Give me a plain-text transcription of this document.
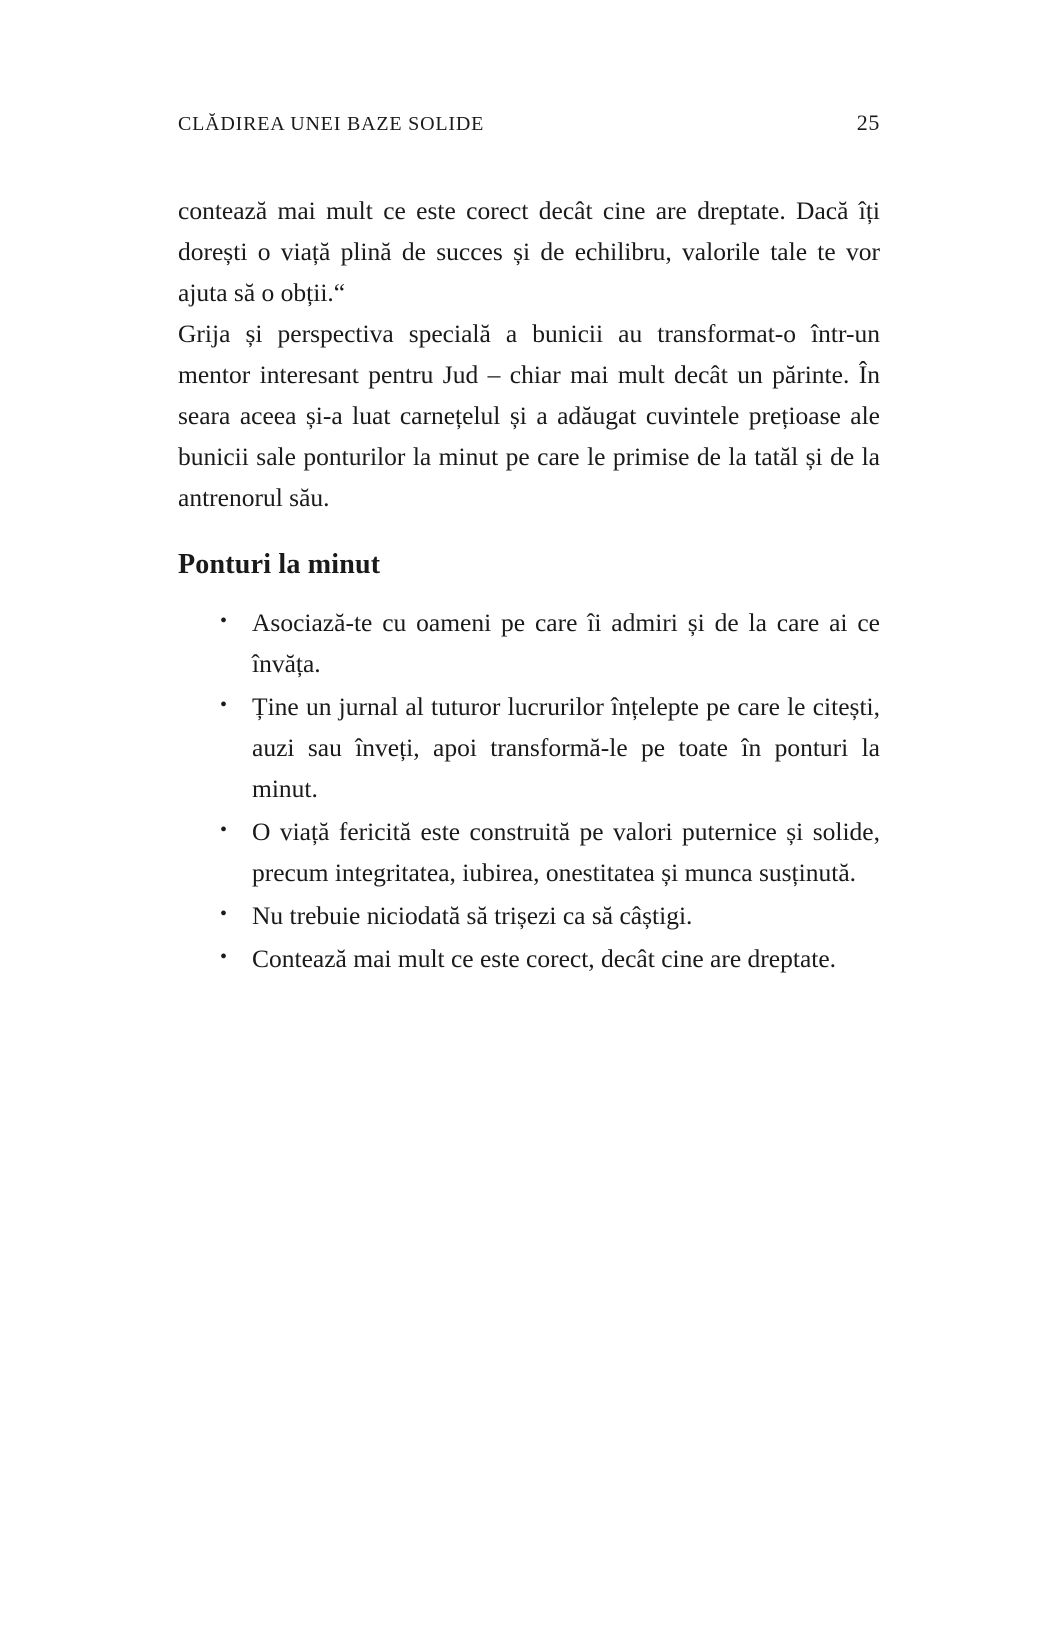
CLĂDIREA UNEI BAZE SOLIDE	25

contează mai mult ce este corect decât cine are dreptate. Dacă îți dorești o viață plină de succes și de echilibru, valorile tale te vor ajuta să o obții.“

Grija și perspectiva specială a bunicii au transformat-o într-un mentor interesant pentru Jud – chiar mai mult decât un părinte. În seara aceea și-a luat carnețelul și a adăugat cuvintele prețioase ale bunicii sale ponturilor la minut pe care le primise de la tatăl și de la antrenorul său.

Ponturi la minut
• Asociază-te cu oameni pe care îi admiri și de la care ai ce învăța.
• Ține un jurnal al tuturor lucrurilor înțelepte pe care le citești, auzi sau înveți, apoi transformă-le pe toate în ponturi la minut.
• O viață fericită este construită pe valori puternice și solide, precum integritatea, iubirea, onestitatea și munca susținută.
• Nu trebuie niciodată să trișezi ca să câștigi.
• Contează mai mult ce este corect, decât cine are dreptate.
